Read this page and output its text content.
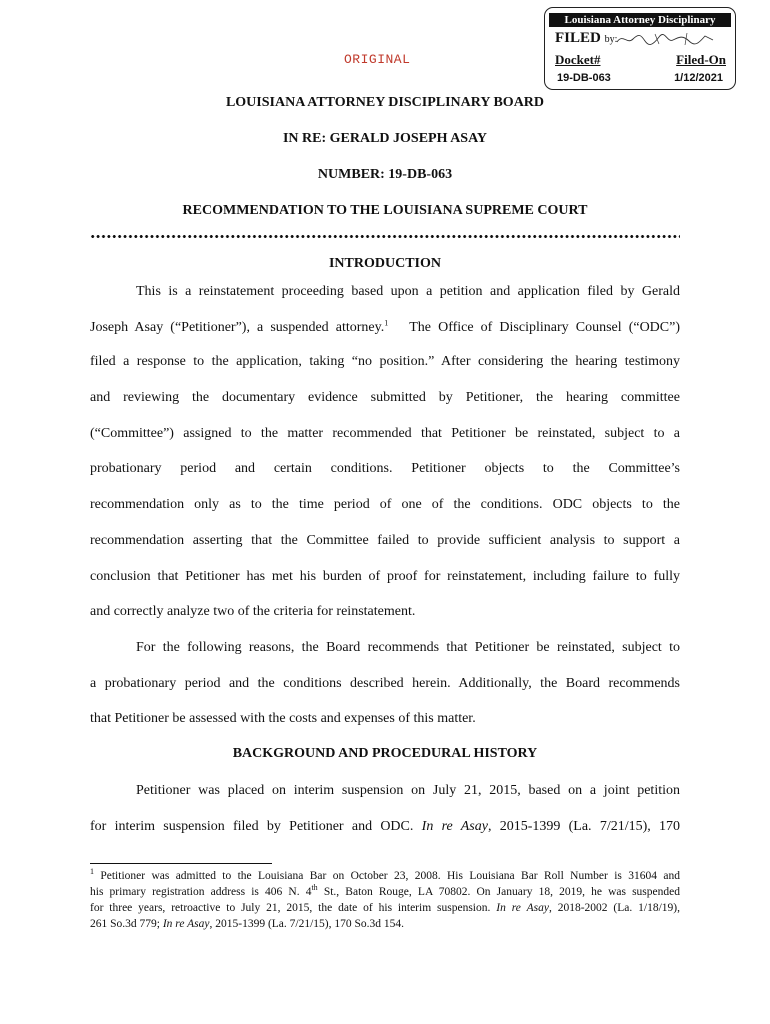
Louisiana Attorney Disciplinary Board
FILED by:
Docket#	Filed-On
19-DB-063	1/12/2021
ORIGINAL
LOUISIANA ATTORNEY DISCIPLINARY BOARD
IN RE: GERALD JOSEPH ASAY
NUMBER: 19-DB-063
RECOMMENDATION TO THE LOUISIANA SUPREME COURT
INTRODUCTION
This is a reinstatement proceeding based upon a petition and application filed by Gerald
Joseph Asay (“Petitioner”), a suspended attorney.$^1$ The Office of Disciplinary Counsel (“ODC”)
filed a response to the application, taking “no position.” After considering the hearing testimony
and reviewing the documentary evidence submitted by Petitioner, the hearing committee
(“Committee”) assigned to the matter recommended that Petitioner be reinstated, subject to a
probationary period and certain conditions. Petitioner objects to the Committee’s
recommendation only as to the time period of one of the conditions. ODC objects to the
recommendation asserting that the Committee failed to provide sufficient analysis to support a
conclusion that Petitioner has met his burden of proof for reinstatement, including failure to fully
and correctly analyze two of the criteria for reinstatement.
For the following reasons, the Board recommends that Petitioner be reinstated, subject to
a probationary period and the conditions described herein. Additionally, the Board recommends
that Petitioner be assessed with the costs and expenses of this matter.
BACKGROUND AND PROCEDURAL HISTORY
Petitioner was placed on interim suspension on July 21, 2015, based on a joint petition
for interim suspension filed by Petitioner and ODC. In re Asay, 2015-1399 (La. 7/21/15), 170
$^1$ Petitioner was admitted to the Louisiana Bar on October 23, 2008. His Louisiana Bar Roll Number is 31604 and
his primary registration address is 406 N. 4th St., Baton Rouge, LA 70802. On January 18, 2019, he was suspended
for three years, retroactive to July 21, 2015, the date of his interim suspension. In re Asay, 2018-2002 (La. 1/18/19),
261 So.3d 779; In re Asay, 2015-1399 (La. 7/21/15), 170 So.3d 154.
